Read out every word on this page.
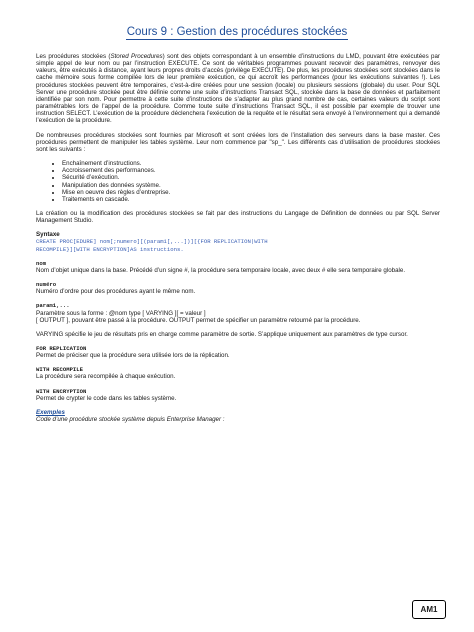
Cours 9 : Gestion des procédures stockées

Les procédures stockées (Stored Procedures) sont des objets correspondant à un ensemble d’instructions du LMD, pouvant être exécutées par simple appel de leur nom ou par l’instruction EXECUTE. Ce sont de véritables programmes pouvant recevoir des paramètres, renvoyer des valeurs, être exécutés à distance, ayant leurs propres droits d’accès (privilège EXECUTE). De plus, les procédures stockées sont stockées dans le cache mémoire sous forme compilée lors de leur première exécution, ce qui accroît les performances (pour les exécutions suivantes !). Les procédures stockées peuvent être temporaires, c’est-à-dire créées pour une session (locale) ou plusieurs sessions (globale) du user. Pour SQL Server une procédure stockée peut être définie comme une suite d’instructions Transact SQL, stockée dans la base de données et parfaitement identifiée par son nom. Pour permettre à cette suite d’instructions de s’adapter au plus grand nombre de cas, certaines valeurs du script sont paramétrables lors de l’appel de la procédure. Comme toute suite d’instructions Transact SQL, il est possible par exemple de trouver une instruction SELECT. L’exécution de la procédure déclenchera l’exécution de la requête et le résultat sera envoyé à l’environnement qui a demandé l’exécution de la procédure.

De nombreuses procédures stockées sont fournies par Microsoft et sont créées lors de l’installation des serveurs dans la base master. Ces procédures permettent de manipuler les tables système. Leur nom commence par "sp_". Les différents cas d’utilisation de procédures stockées sont les suivants :

• Enchaînement d’instructions.
• Accroissement des performances.
• Sécurité d’exécution.
• Manipulation des données système.
• Mise en oeuvre des règles d’entreprise.
• Traitements en cascade.

La création ou la modification des procédures stockées se fait par des instructions du Langage de Définition de données ou par SQL Server Management Studio.

Syntaxe
CREATE PROC[EDURE] nom[;numero][(param1[,...])][{FOR REPLICATION|WITH
RECOMPILE}][WITH ENCRYPTION]AS instructions.
nom
Nom d’objet unique dans la base. Précédé d’un signe #, la procédure sera temporaire locale, avec deux # elle sera temporaire globale.
numéro
Numéro d’ordre pour des procédures ayant le même nom.
param1,...
Paramètre sous la forme : @nom type [ VARYING ][ = valeur ]
[ OUTPUT ], pouvant être passé à la procédure. OUTPUT permet de spécifier un paramètre retourné par la procédure.
VARYING spécifie le jeu de résultats pris en charge comme paramètre de sortie. S’applique uniquement aux paramètres de type cursor.
FOR REPLICATION
Permet de préciser que la procédure sera utilisée lors de la réplication.
WITH RECOMPILE
La procédure sera recompilée à chaque exécution.
WITH ENCRYPTION
Permet de crypter le code dans les tables système.
Exemples
Code d’une procédure stockée système depuis Enterprise Manager :
AM1
